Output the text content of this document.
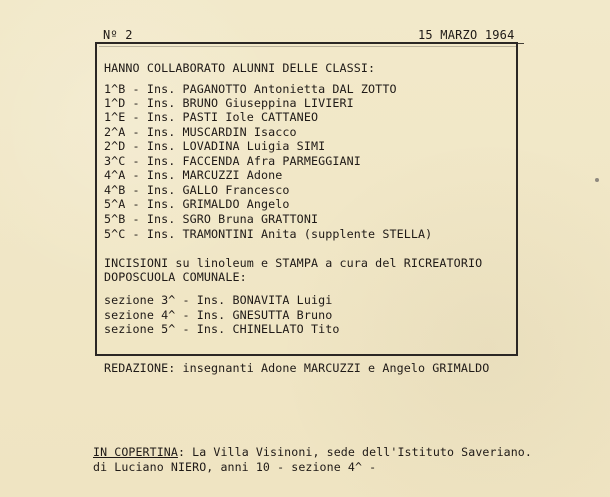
Nº 2	15 MARZO 1964
HANNO COLLABORATO ALUNNI DELLE CLASSI:
1^B - Ins. PAGANOTTO Antonietta DAL ZOTTO
1^D - Ins. BRUNO Giuseppina LIVIERI
1^E - Ins. PASTI Iole CATTANEO
2^A - Ins. MUSCARDIN Isacco
2^D - Ins. LOVADINA Luigia SIMI
3^C - Ins. FACCENDA Afra PARMEGGIANI
4^A - Ins. MARCUZZI Adone
4^B - Ins. GALLO Francesco
5^A - Ins. GRIMALDO Angelo
5^B - Ins. SGRO Bruna GRATTONI
5^C - Ins. TRAMONTINI Anita (supplente STELLA)
INCISIONI su linoleum e STAMPA a cura del RICREATORIO
DOPOSCUOLA COMUNALE:
sezione 3^ - Ins. BONAVITA Luigi
sezione 4^ - Ins. GNESUTTA Bruno
sezione 5^ - Ins. CHINELLATO Tito
REDAZIONE: insegnanti Adone MARCUZZI e Angelo GRIMALDO
IN COPERTINA: La Villa Visinoni, sede dell'Istituto Saveriano.
di Luciano NIERO, anni 10 - sezione 4^ -
